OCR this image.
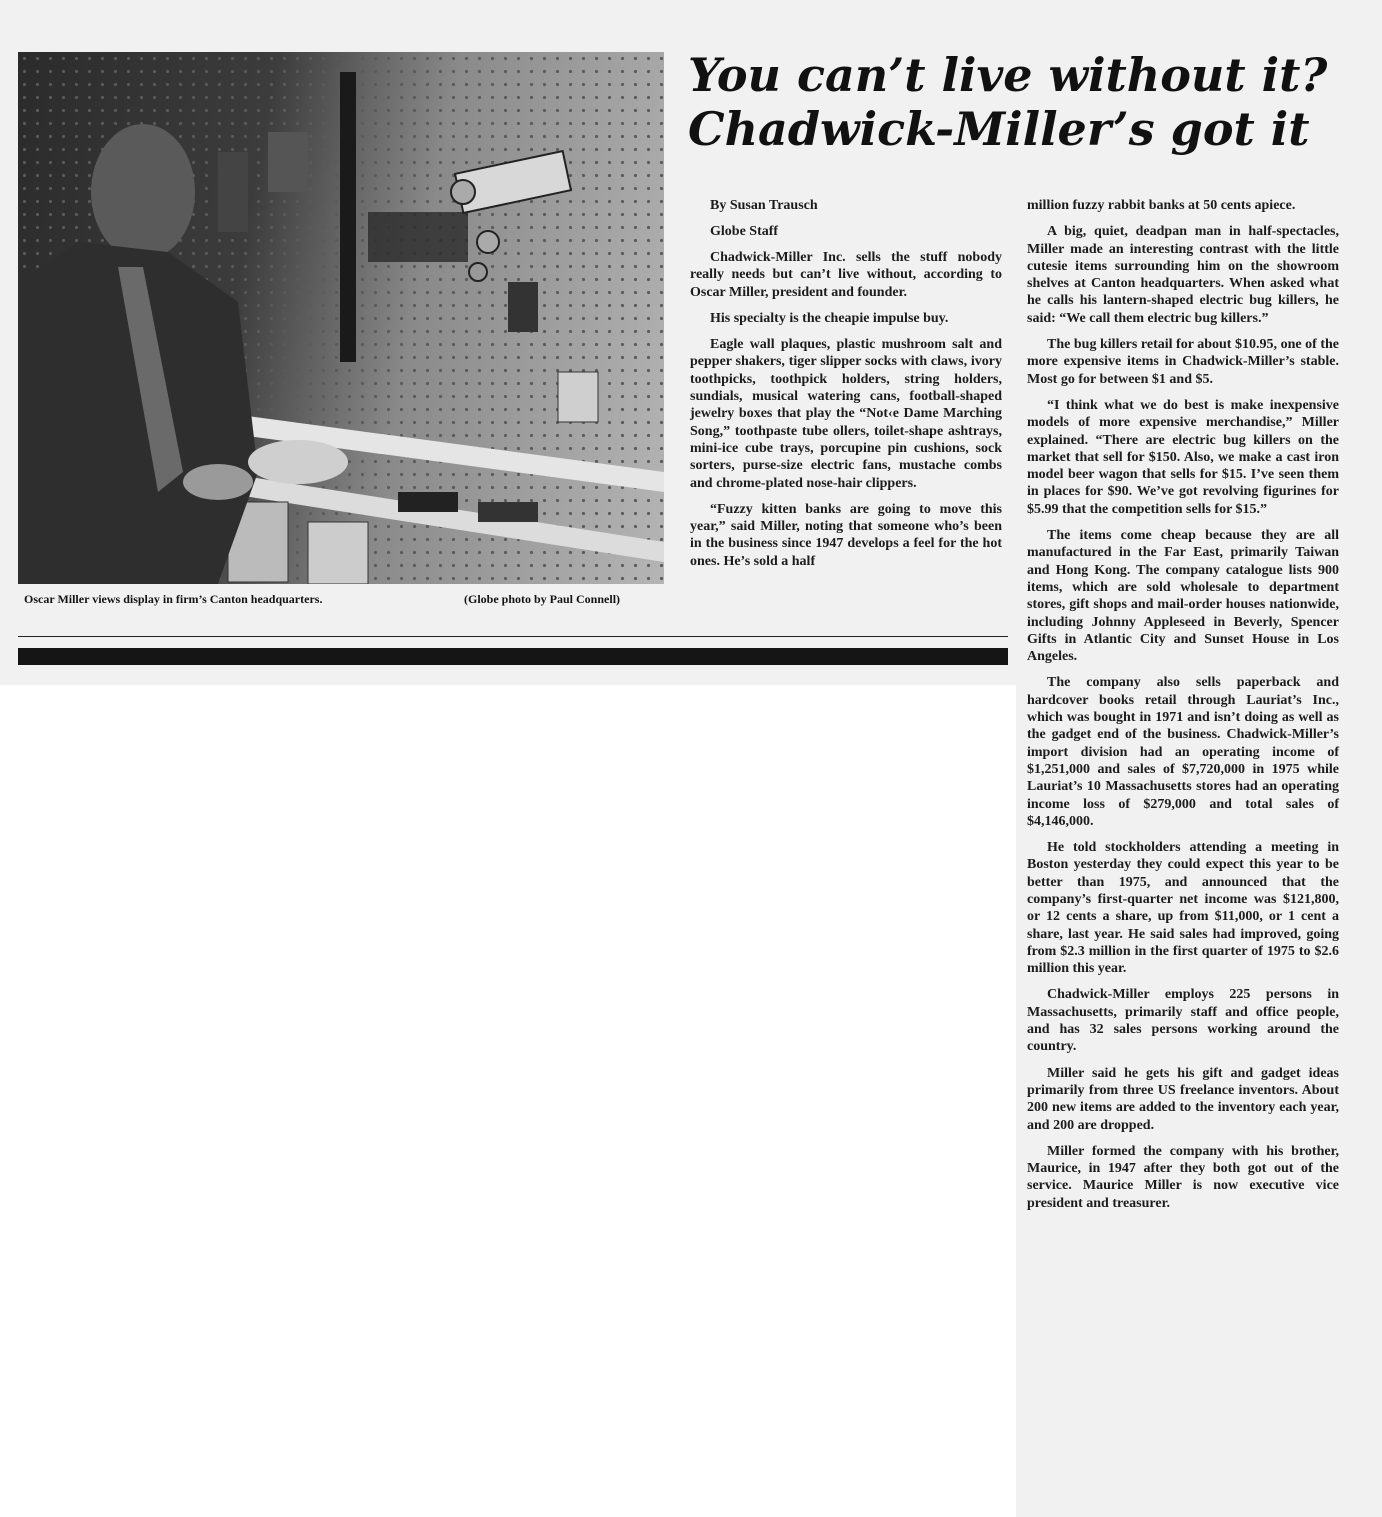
You can’t live without it?
Chadwick-Miller’s got it
Oscar Miller views display in firm’s Canton headquarters.	(Globe photo by Paul Connell)

By Susan Trausch

Globe Staff

Chadwick-Miller Inc. sells the stuff nobody really needs but can’t live without, according to Oscar Miller, president and founder.

His specialty is the cheapie impulse buy.

Eagle wall plaques, plastic mushroom salt and pepper shakers, tiger slipper socks with claws, ivory toothpicks, toothpick holders, string holders, sundials, musical watering cans, football-shaped jewelry boxes that play the “Not‹e Dame Marching Song,” toothpaste tube ollers, toilet-shape ashtrays, mini-ice cube trays, porcupine pin cushions, sock sorters, purse-size electric fans, mustache combs and chrome-plated nose-hair clippers.

“Fuzzy kitten banks are going to move this year,” said Miller, noting that someone who’s been in the business since 1947 develops a feel for the hot ones. He’s sold a half

million fuzzy rabbit banks at 50 cents apiece.

A big, quiet, deadpan man in half-spectacles, Miller made an interesting contrast with the little cutesie items surrounding him on the showroom shelves at Canton headquarters. When asked what he calls his lantern-shaped electric bug killers, he said: “We call them electric bug killers.”

The bug killers retail for about $10.95, one of the more expensive items in Chadwick-Miller’s stable. Most go for between $1 and $5.

“I think what we do best is make inexpensive models of more expensive merchandise,” Miller explained. “There are electric bug killers on the market that sell for $150. Also, we make a cast iron model beer wagon that sells for $15. I’ve seen them in places for $90. We’ve got revolving figurines for $5.99 that the competition sells for $15.”

The items come cheap because they are all manufactured in the Far East, primarily Taiwan and Hong Kong. The company catalogue lists 900 items, which are sold wholesale to department stores, gift shops and mail-order houses nationwide, including Johnny Appleseed in Beverly, Spencer Gifts in Atlantic City and Sunset House in Los Angeles.

The company also sells paperback and hardcover books retail through Lauriat’s Inc., which was bought in 1971 and isn’t doing as well as the gadget end of the business. Chadwick-Miller’s import division had an operating income of $1,251,000 and sales of $7,720,000 in 1975 while Lauriat’s 10 Massachusetts stores had an operating income loss of $279,000 and total sales of $4,146,000.

He told stockholders attending a meeting in Boston yesterday they could expect this year to be better than 1975, and announced that the company’s first-quarter net income was $121,800, or 12 cents a share, up from $11,000, or 1 cent a share, last year. He said sales had improved, going from $2.3 million in the first quarter of 1975 to $2.6 million this year.

Chadwick-Miller employs 225 persons in Massachusetts, primarily staff and office people, and has 32 sales persons working around the country.

Miller said he gets his gift and gadget ideas primarily from three US freelance inventors. About 200 new items are added to the inventory each year, and 200 are dropped.

Miller formed the company with his brother, Maurice, in 1947 after they both got out of the service. Maurice Miller is now executive vice president and treasurer.
